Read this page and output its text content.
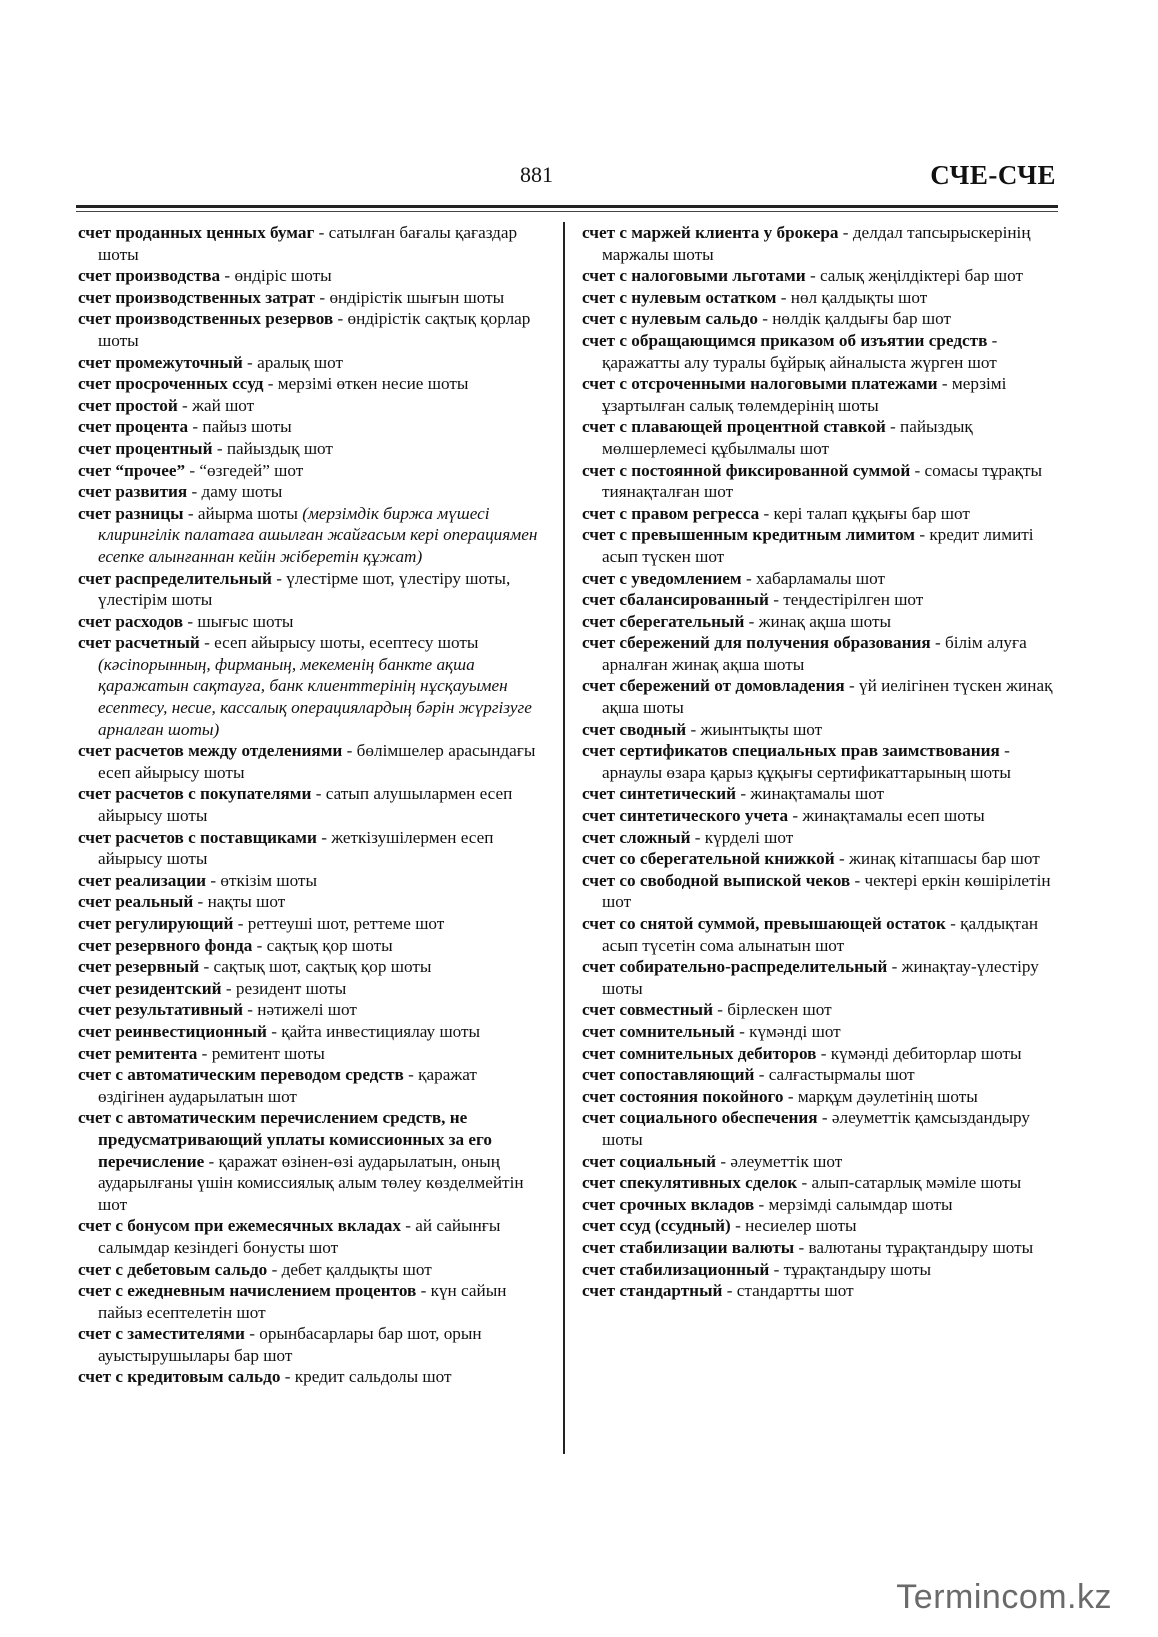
881	СЧЕ-СЧЕ
счет проданных ценных бумаг - сатылған бағалы қағаздар шоты
счет производства - өндіріс шоты
счет производственных затрат - өндірістік шығын шоты
счет производственных резервов - өндірістік сақтық қорлар шоты
счет промежуточный - аралық шот
счет просроченных ссуд - мерзімі өткен несие шоты
счет простой - жай шот
счет процента - пайыз шоты
счет процентный - пайыздық шот
счет “прочее” - “өзгедей” шот
счет развития - даму шоты
счет разницы - айырма шоты (мерзімдік биржа мүшесі клирингілік палатаға ашылған жайғасым кері операциямен есепке алынғаннан кейін жіберетін құжат)
счет распределительный - үлестірме шот, үлестіру шоты, үлестірім шоты
счет расходов - шығыс шоты
счет расчетный - есеп айырысу шоты, есептесу шоты (кәсіпорынның, фирманың, мекеменің банкте ақша қаражатын сақтауға, банк клиенттерінің нұсқауымен есептесу, несие, кассалық операциялардың бәрін жүргізуге арналған шоты)
счет расчетов между отделениями - бөлімшелер арасындағы есеп айырысу шоты
счет расчетов с покупателями - сатып алушылармен есеп айырысу шоты
счет расчетов с поставщиками - жеткізушілермен есеп айырысу шоты
счет реализации - өткізім шоты
счет реальный - нақты шот
счет регулирующий - реттеуші шот, реттеме шот
счет резервного фонда - сақтық қор шоты
счет резервный - сақтық шот, сақтық қор шоты
счет резидентский - резидент шоты
счет результативный - нәтижелі шот
счет реинвестиционный - қайта инвестициялау шоты
счет ремитента - ремитент шоты
счет с автоматическим переводом средств - қаражат өздігінен аударылатын шот
счет с автоматическим перечислением средств, не предусматривающий уплаты комиссионных за его перечисление - қаражат өзінен-өзі аударылатын, оның аударылғаны үшін комиссиялық алым төлеу көзделмейтін шот
счет с бонусом при ежемесячных вкладах - ай сайынғы салымдар кезіндегі бонусты шот
счет с дебетовым сальдо - дебет қалдықты шот
счет с ежедневным начислением процентов - күн сайын пайыз есептелетін шот
счет с заместителями - орынбасарлары бар шот, орын ауыстырушылары бар шот
счет с кредитовым сальдо - кредит сальдолы шот
счет с маржей клиента у брокера - делдал тапсырыскерінің маржалы шоты
счет с налоговыми льготами - салық жеңілдіктері бар шот
счет с нулевым остатком - нөл қалдықты шот
счет с нулевым сальдо - нөлдік қалдығы бар шот
счет с обращающимся приказом об изъятии средств - қаражатты алу туралы бұйрық айналыста жүрген шот
счет с отсроченными налоговыми платежами - мерзімі ұзартылған салық төлемдерінің шоты
счет с плавающей процентной ставкой - пайыздық мөлшерлемесі құбылмалы шот
счет с постоянной фиксированной суммой - сомасы тұрақты тиянақталған шот
счет с правом регресса - кері талап құқығы бар шот
счет с превышенным кредитным лимитом - кредит лимиті асып түскен шот
счет с уведомлением - хабарламалы шот
счет сбалансированный - теңдестірілген шот
счет сберегательный - жинақ ақша шоты
счет сбережений для получения образования - білім алуға арналған жинақ ақша шоты
счет сбережений от домовладения - үй иелігінен түскен жинақ ақша шоты
счет сводный - жиынтықты шот
счет сертификатов специальных прав заимствования - арнаулы өзара қарыз құқығы сертификаттарының шоты
счет синтетический - жинақтамалы шот
счет синтетического учета - жинақтамалы есеп шоты
счет сложный - күрделі шот
счет со сберегательной книжкой - жинақ кітапшасы бар шот
счет со свободной выпиской чеков - чектері еркін көшірілетін шот
счет со снятой суммой, превышающей остаток - қалдықтан асып түсетін сома алынатын шот
счет собирательно-распределительный - жинақтау-үлестіру шоты
счет совместный - бірлескен шот
счет сомнительный - күмәнді шот
счет сомнительных дебиторов - күмәнді дебиторлар шоты
счет сопоставляющий - салғастырмалы шот
счет состояния покойного - марқұм дәулетінің шоты
счет социального обеспечения - әлеуметтік қамсыздандыру шоты
счет социальный - әлеуметтік шот
счет спекулятивных сделок - алып-сатарлық мәміле шоты
счет срочных вкладов - мерзімді салымдар шоты
счет ссуд (ссудный) - несиелер шоты
счет стабилизации валюты - валютаны тұрақтандыру шоты
счет стабилизационный - тұрақтандыру шоты
счет стандартный - стандартты шот
Termincom.kz
